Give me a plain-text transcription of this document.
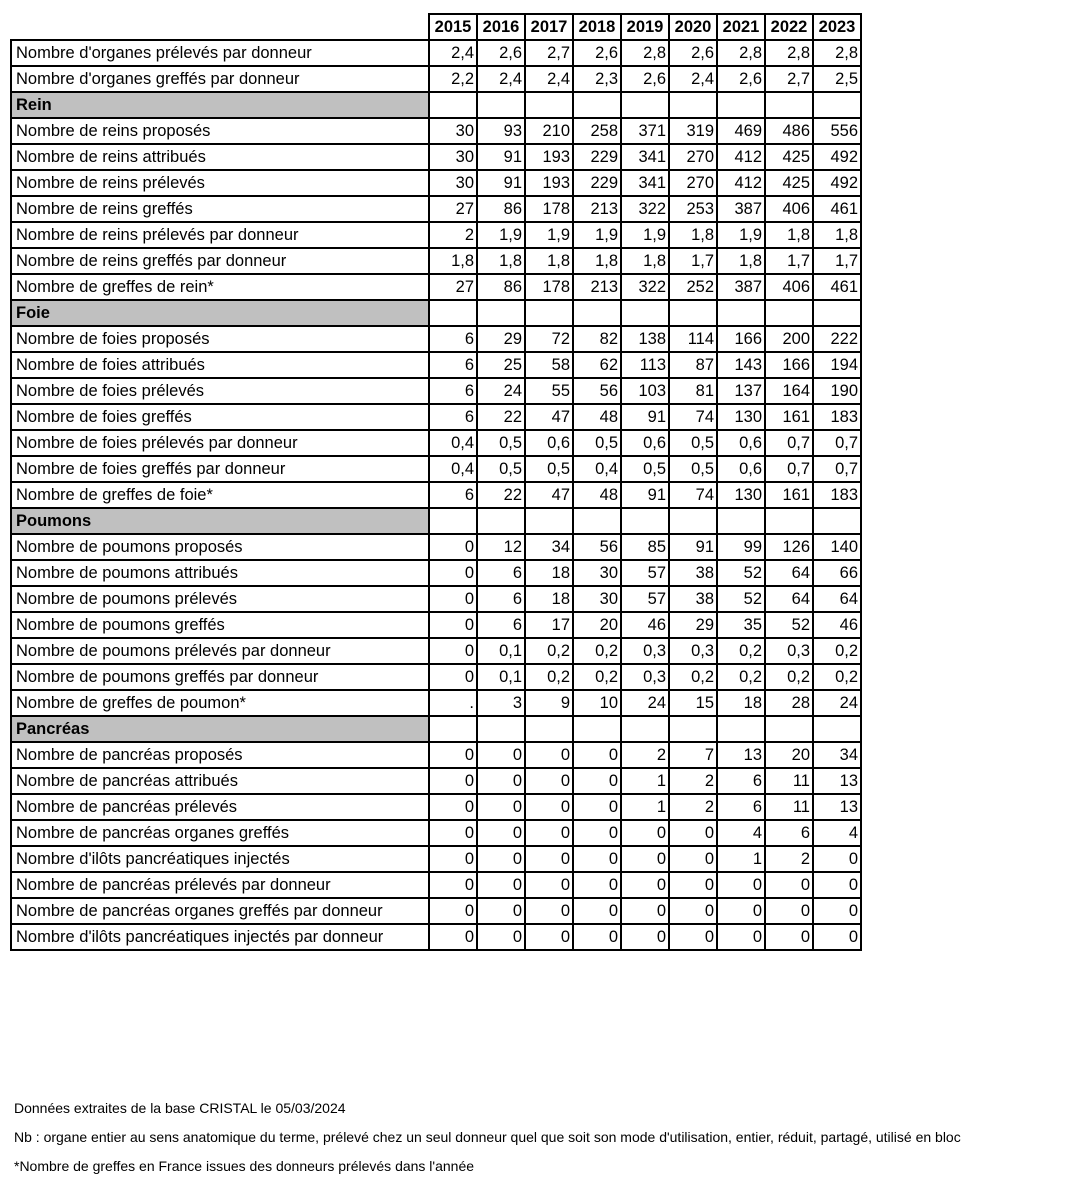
	2015	2016	2017	2018	2019	2020	2021	2022	2023
Nombre d'organes prélevés par donneur	2,4	2,6	2,7	2,6	2,8	2,6	2,8	2,8	2,8
Nombre d'organes greffés par donneur	2,2	2,4	2,4	2,3	2,6	2,4	2,6	2,7	2,5
Rein									
Nombre de reins proposés	30	93	210	258	371	319	469	486	556
Nombre de reins attribués	30	91	193	229	341	270	412	425	492
Nombre de reins prélevés	30	91	193	229	341	270	412	425	492
Nombre de reins greffés	27	86	178	213	322	253	387	406	461
Nombre de reins prélevés par donneur	2	1,9	1,9	1,9	1,9	1,8	1,9	1,8	1,8
Nombre de reins greffés par donneur	1,8	1,8	1,8	1,8	1,8	1,7	1,8	1,7	1,7
Nombre de greffes de rein*	27	86	178	213	322	252	387	406	461
Foie									
Nombre de foies proposés	6	29	72	82	138	114	166	200	222
Nombre de foies attribués	6	25	58	62	113	87	143	166	194
Nombre de foies prélevés	6	24	55	56	103	81	137	164	190
Nombre de foies greffés	6	22	47	48	91	74	130	161	183
Nombre de foies prélevés par donneur	0,4	0,5	0,6	0,5	0,6	0,5	0,6	0,7	0,7
Nombre de foies greffés par donneur	0,4	0,5	0,5	0,4	0,5	0,5	0,6	0,7	0,7
Nombre de greffes de foie*	6	22	47	48	91	74	130	161	183
Poumons									
Nombre de poumons proposés	0	12	34	56	85	91	99	126	140
Nombre de poumons attribués	0	6	18	30	57	38	52	64	66
Nombre de poumons prélevés	0	6	18	30	57	38	52	64	64
Nombre de poumons greffés	0	6	17	20	46	29	35	52	46
Nombre de poumons prélevés par donneur	0	0,1	0,2	0,2	0,3	0,3	0,2	0,3	0,2
Nombre de poumons greffés par donneur	0	0,1	0,2	0,2	0,3	0,2	0,2	0,2	0,2
Nombre de greffes de poumon*	.	3	9	10	24	15	18	28	24
Pancréas									
Nombre de pancréas proposés	0	0	0	0	2	7	13	20	34
Nombre de pancréas attribués	0	0	0	0	1	2	6	11	13
Nombre de pancréas prélevés	0	0	0	0	1	2	6	11	13
Nombre de pancréas organes greffés	0	0	0	0	0	0	4	6	4
Nombre d'ilôts pancréatiques injectés	0	0	0	0	0	0	1	2	0
Nombre de pancréas prélevés par donneur	0	0	0	0	0	0	0	0	0
Nombre de pancréas organes greffés par donneur	0	0	0	0	0	0	0	0	0
Nombre d'ilôts pancréatiques injectés par donneur	0	0	0	0	0	0	0	0	0
Données extraites de la base CRISTAL le 05/03/2024
Nb : organe entier au sens anatomique du terme, prélevé chez un seul donneur quel que soit son mode d'utilisation, entier, réduit, partagé, utilisé en bloc
*Nombre de greffes en France issues des donneurs prélevés dans l'année
